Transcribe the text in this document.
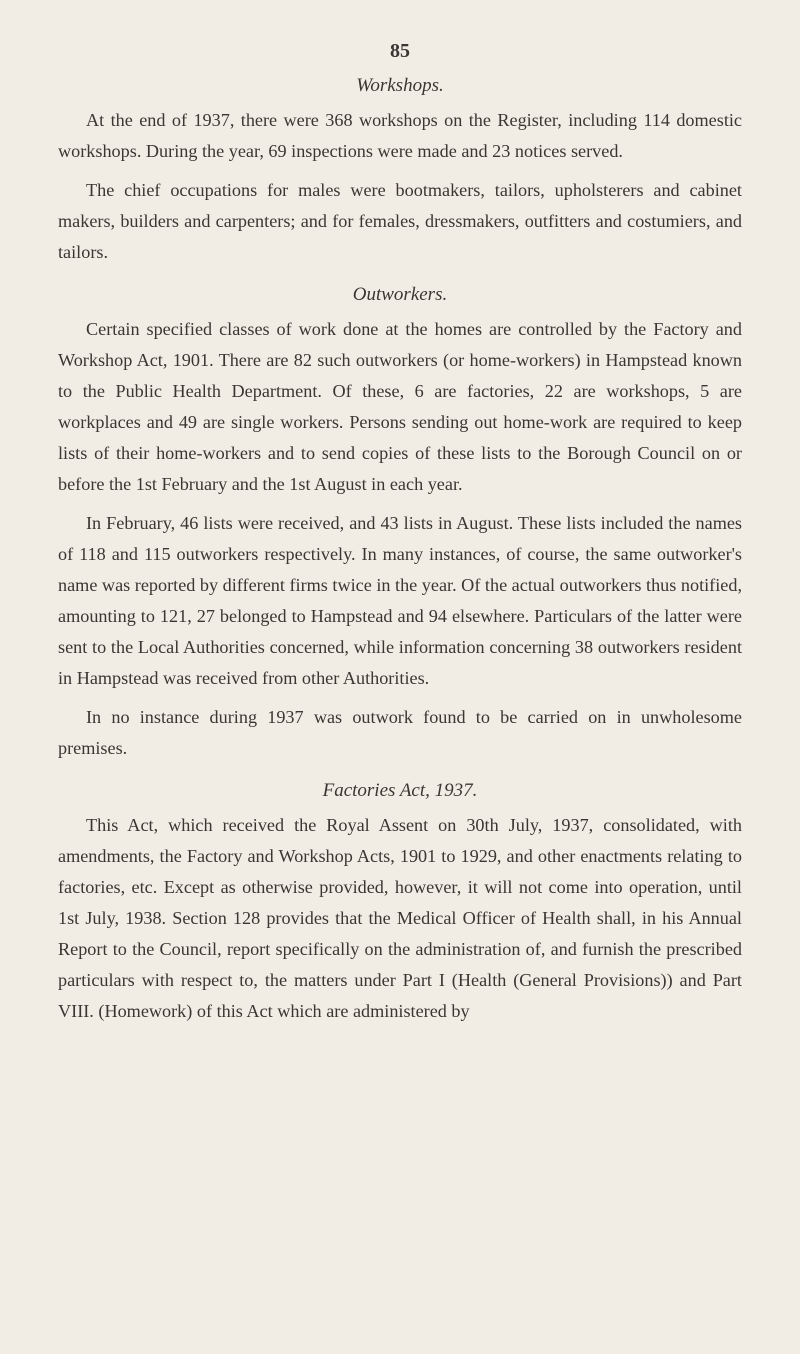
85
Workshops.

At the end of 1937, there were 368 workshops on the Register, including 114 domestic workshops. During the year, 69 inspections were made and 23 notices served.

The chief occupations for males were bootmakers, tailors, upholsterers and cabinet makers, builders and carpenters; and for females, dressmakers, outfitters and costumiers, and tailors.

Outworkers.

Certain specified classes of work done at the homes are controlled by the Factory and Workshop Act, 1901. There are 82 such outworkers (or home-workers) in Hampstead known to the Public Health Department. Of these, 6 are factories, 22 are workshops, 5 are workplaces and 49 are single workers. Persons sending out home-work are required to keep lists of their home-workers and to send copies of these lists to the Borough Council on or before the 1st February and the 1st August in each year.

In February, 46 lists were received, and 43 lists in August. These lists included the names of 118 and 115 outworkers respectively. In many instances, of course, the same outworker's name was reported by different firms twice in the year. Of the actual outworkers thus notified, amounting to 121, 27 belonged to Hampstead and 94 elsewhere. Particulars of the latter were sent to the Local Authorities concerned, while information concerning 38 outworkers resident in Hampstead was received from other Authorities.

In no instance during 1937 was outwork found to be carried on in unwholesome premises.

Factories Act, 1937.

This Act, which received the Royal Assent on 30th July, 1937, consolidated, with amendments, the Factory and Workshop Acts, 1901 to 1929, and other enactments relating to factories, etc. Except as otherwise provided, however, it will not come into operation, until 1st July, 1938. Section 128 provides that the Medical Officer of Health shall, in his Annual Report to the Council, report specifically on the administration of, and furnish the prescribed particulars with respect to, the matters under Part I (Health (General Provisions)) and Part VIII. (Homework) of this Act which are administered by
